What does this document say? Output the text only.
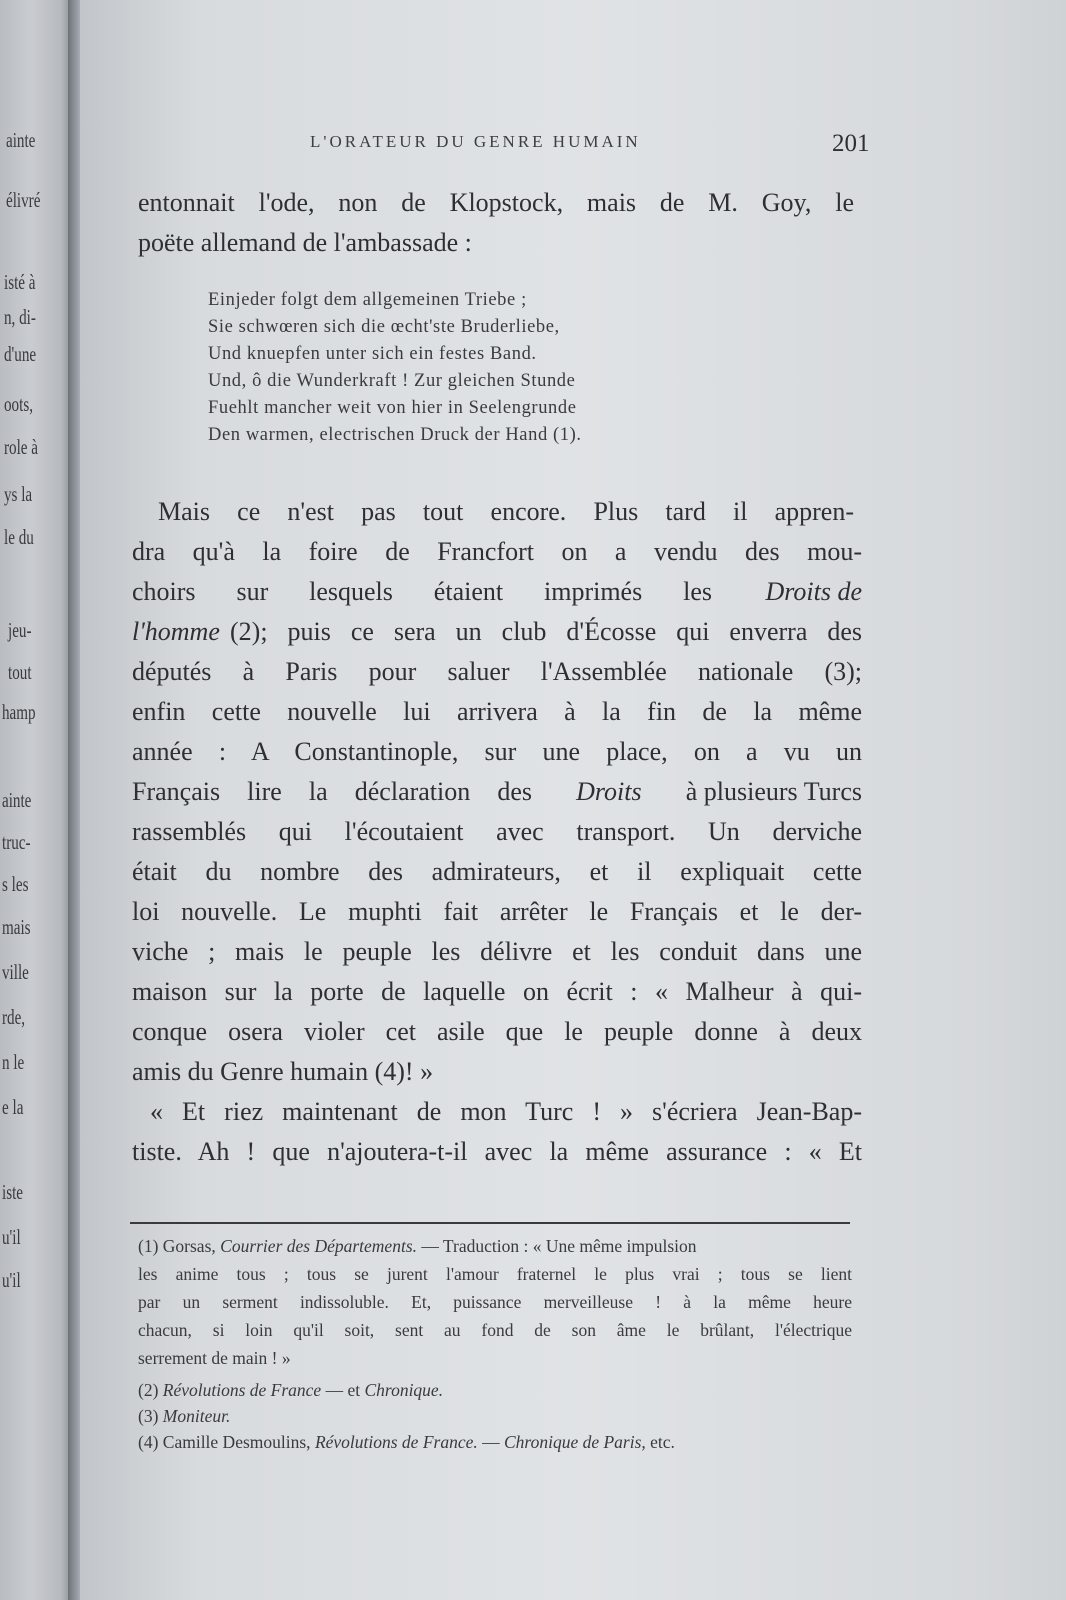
ainte
élivré
isté à
n, di-
d'une
oots,
role à
ys la
le du
jeu-
tout
hamp
ainte
truc-
s les
mais
ville
rde,
n le
e la
iste
u'il
u'il
L'ORATEUR DU GENRE HUMAIN	201
entonnait l'ode, non de Klopstock, mais de M. Goy, le
poëte allemand de l'ambassade :
Einjeder folgt dem allgemeinen Triebe ;
Sie schwœren sich die œcht'ste Bruderliebe,
Und knuepfen unter sich ein festes Band.
Und, ô die Wunderkraft ! Zur gleichen Stunde
Fuehlt mancher weit von hier in Seelengrunde
Den warmen, electrischen Druck der Hand (1).
Mais ce n'est pas tout encore. Plus tard il appren-
dra qu'à la foire de Francfort on a vendu des mou-
choirs sur lesquels étaient imprimés les Droits de
l'homme (2); puis ce sera un club d'Écosse qui enverra des
députés à Paris pour saluer l'Assemblée nationale (3);
enfin cette nouvelle lui arrivera à la fin de la même
année : A Constantinople, sur une place, on a vu un
Français lire la déclaration des Droits à plusieurs Turcs
rassemblés qui l'écoutaient avec transport. Un derviche
était du nombre des admirateurs, et il expliquait cette
loi nouvelle. Le muphti fait arrêter le Français et le der-
viche ; mais le peuple les délivre et les conduit dans une
maison sur la porte de laquelle on écrit : « Malheur à qui-
conque osera violer cet asile que le peuple donne à deux
amis du Genre humain (4)! »
« Et riez maintenant de mon Turc ! » s'écriera Jean-Bap-
tiste. Ah ! que n'ajoutera-t-il avec la même assurance : « Et
(1) Gorsas, Courrier des Départements. — Traduction : « Une même impulsion
les anime tous ; tous se jurent l'amour fraternel le plus vrai ; tous se lient
par un serment indissoluble. Et, puissance merveilleuse ! à la même heure
chacun, si loin qu'il soit, sent au fond de son âme le brûlant, l'électrique
serrement de main ! »
(2) Révolutions de France — et Chronique.
(3) Moniteur.
(4) Camille Desmoulins, Révolutions de France. — Chronique de Paris, etc.
